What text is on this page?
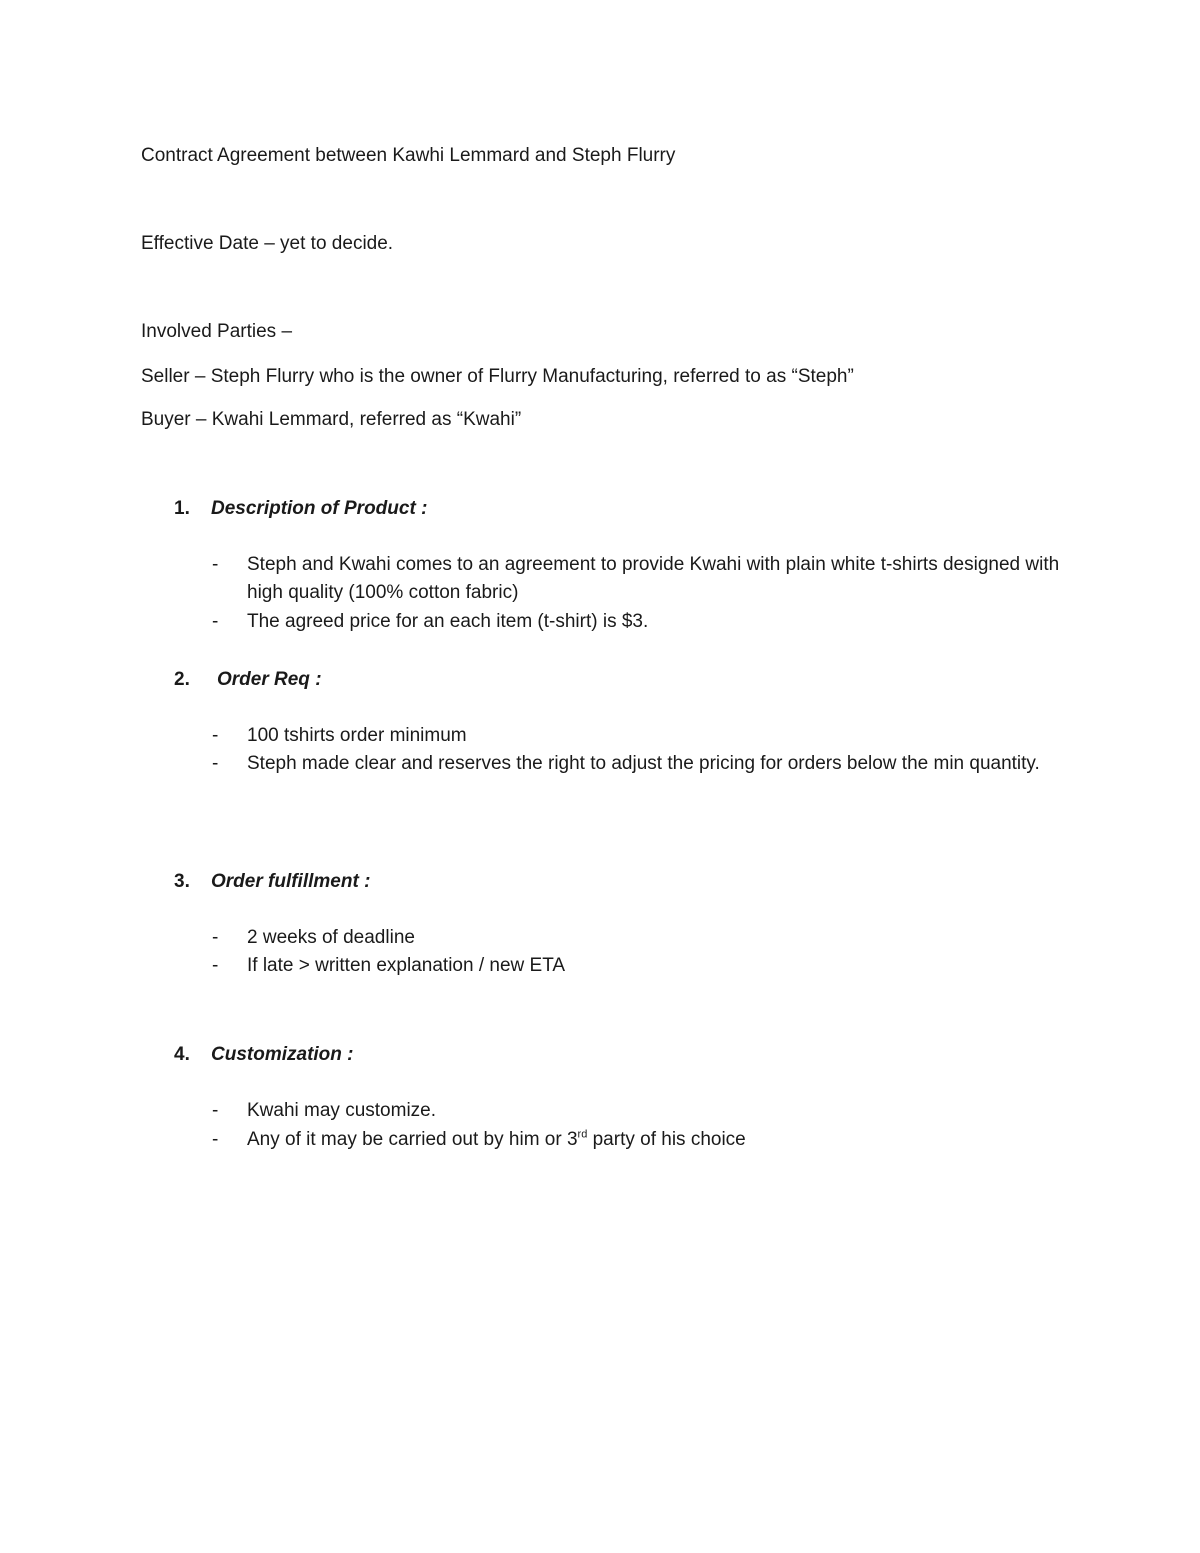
Contract Agreement between Kawhi Lemmard and Steph Flurry
Effective Date – yet to decide.
Involved Parties –
Seller – Steph Flurry who is the owner of Flurry Manufacturing, referred to as “Steph”
Buyer – Kwahi Lemmard, referred as “Kwahi”
1. Description of Product :
- Steph and Kwahi comes to an agreement to provide Kwahi with plain white t-shirts designed with high quality (100% cotton fabric)
- The agreed price for an each item (t-shirt) is $3.
2. Order Req :
- 100 tshirts order minimum
- Steph made clear and reserves the right to adjust the pricing for orders below the min quantity.
3. Order fulfillment :
- 2 weeks of deadline
- If late > written explanation / new ETA
4. Customization :
- Kwahi may customize.
- Any of it may be carried out by him or 3rd party of his choice
